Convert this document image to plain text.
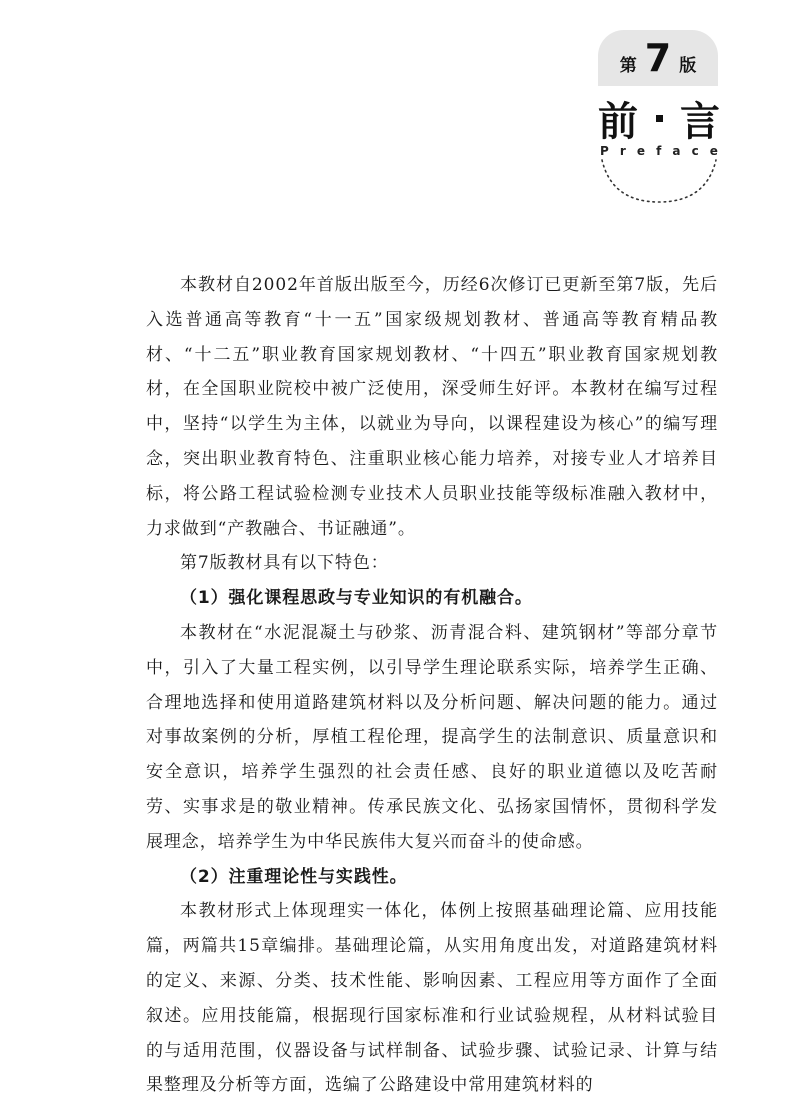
第 7 版
前 言
P r e f a c e

本教材自2002年首版出版至今，历经6次修订已更新至第7版，先后入选普通高等教育“十一五”国家级规划教材、普通高等教育精品教材、“十二五”职业教育国家规划教材、“十四五”职业教育国家规划教材，在全国职业院校中被广泛使用，深受师生好评。本教材在编写过程中，坚持“以学生为主体，以就业为导向，以课程建设为核心”的编写理念，突出职业教育特色、注重职业核心能力培养，对接专业人才培养目标，将公路工程试验检测专业技术人员职业技能等级标准融入教材中，力求做到“产教融合、书证融通”。

第7版教材具有以下特色：

（1）强化课程思政与专业知识的有机融合。

本教材在“水泥混凝土与砂浆、沥青混合料、建筑钢材”等部分章节中，引入了大量工程实例，以引导学生理论联系实际，培养学生正确、合理地选择和使用道路建筑材料以及分析问题、解决问题的能力。通过对事故案例的分析，厚植工程伦理，提高学生的法制意识、质量意识和安全意识，培养学生强烈的社会责任感、良好的职业道德以及吃苦耐劳、实事求是的敬业精神。传承民族文化、弘扬家国情怀，贯彻科学发展理念，培养学生为中华民族伟大复兴而奋斗的使命感。

（2）注重理论性与实践性。

本教材形式上体现理实一体化，体例上按照基础理论篇、应用技能篇，两篇共15章编排。基础理论篇，从实用角度出发，对道路建筑材料的定义、来源、分类、技术性能、影响因素、工程应用等方面作了全面叙述。应用技能篇，根据现行国家标准和行业试验规程，从材料试验目的与适用范围，仪器设备与试样制备、试验步骤、试验记录、计算与结果整理及分析等方面，选编了公路建设中常用建筑材料的
